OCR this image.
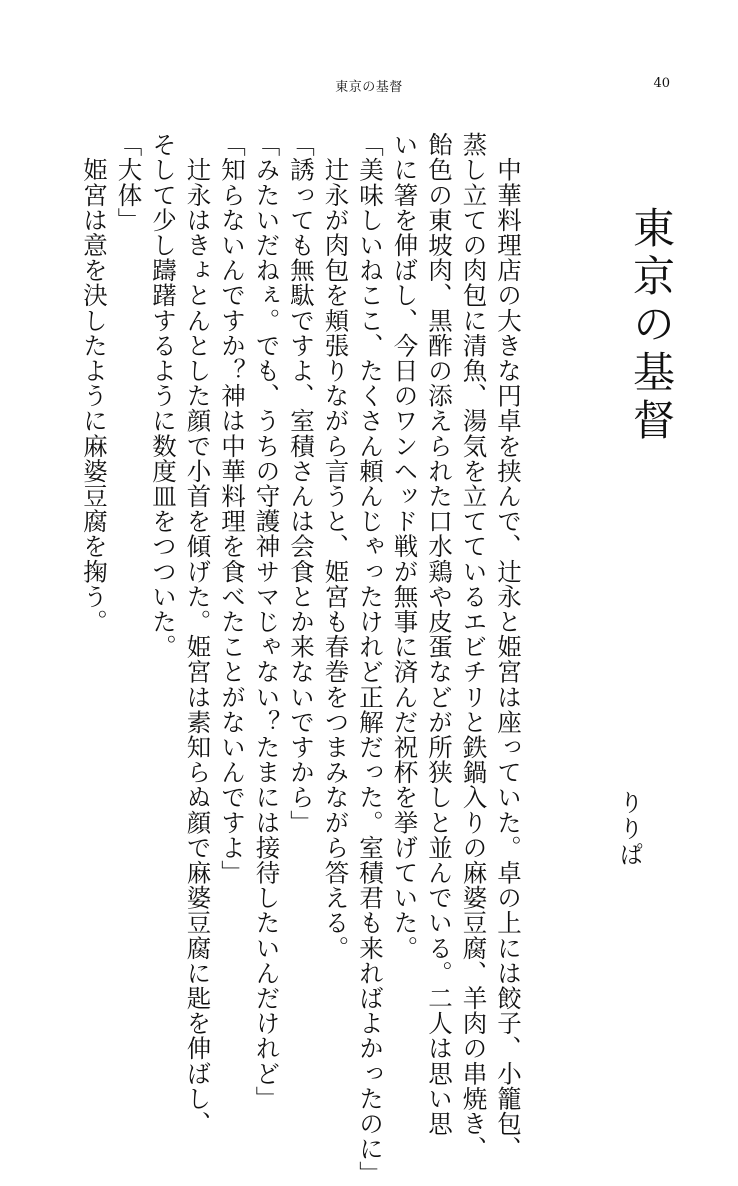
東京の基督	40
東京の基督
りりぱ

　中華料理店の大きな円卓を挟んで、辻永と姫宮は座っていた。卓の上には餃子、小籠包、

蒸し立ての肉包に清魚、湯気を立てているエビチリと鉄鍋入りの麻婆豆腐、羊肉の串焼き、

飴色の東坡肉、黒酢の添えられた口水鶏や皮蛋などが所狭しと並んでいる。二人は思い思

いに箸を伸ばし、今日のワンヘッド戦が無事に済んだ祝杯を挙げていた。

「美味しいねここ、たくさん頼んじゃったけれど正解だった。室積君も来ればよかったのに」

　辻永が肉包を頬張りながら言うと、姫宮も春巻をつまみながら答える。

「誘っても無駄ですよ、室積さんは会食とか来ないですから」

「みたいだねぇ。でも、うちの守護神サマじゃない？たまには接待したいんだけれど」

「知らないんですか？神は中華料理を食べたことがないんですよ」

　辻永はきょとんとした顔で小首を傾げた。姫宮は素知らぬ顔で麻婆豆腐に匙を伸ばし、

そして少し躊躇するように数度皿をつついた。

「大体」

　姫宮は意を決したように麻婆豆腐を掬う。
